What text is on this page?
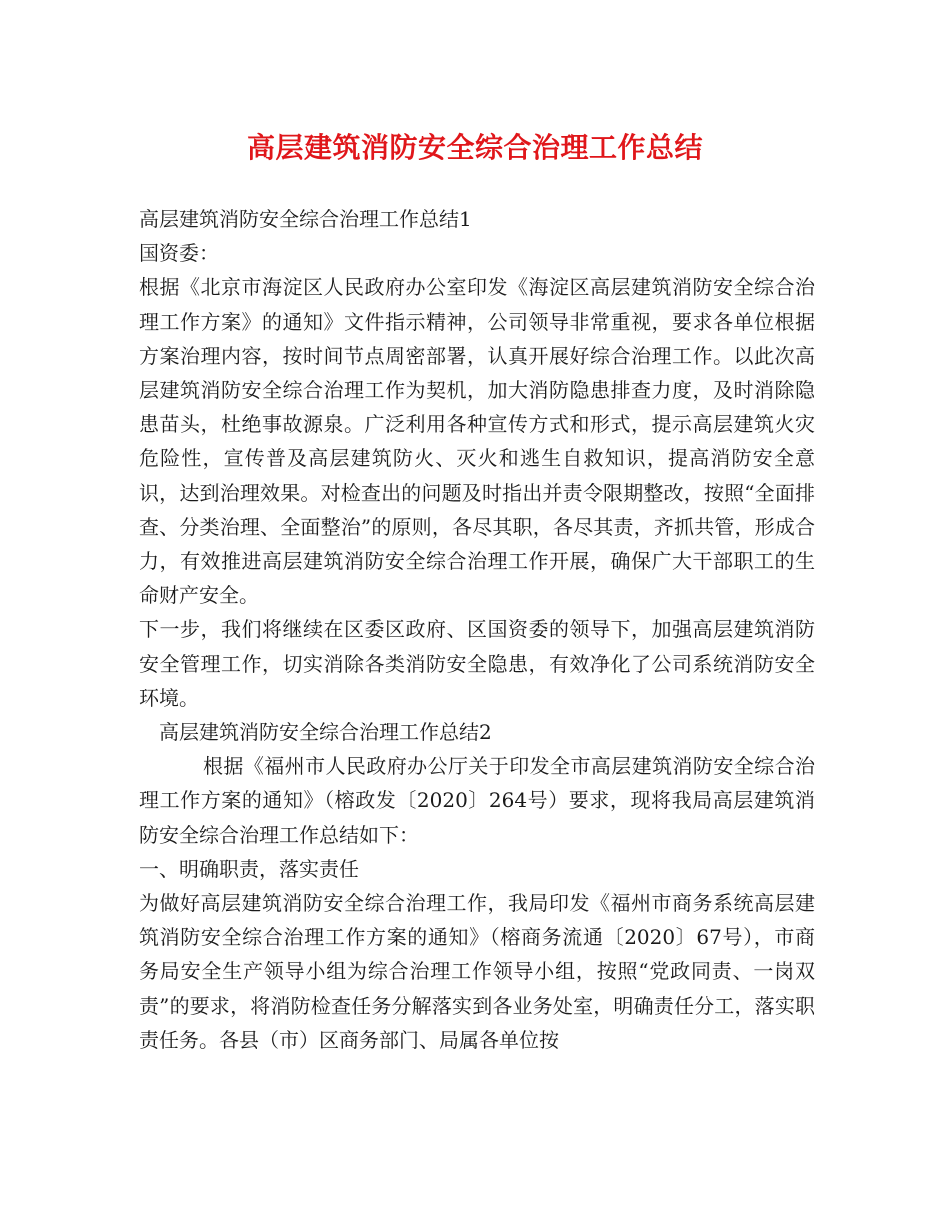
高层建筑消防安全综合治理工作总结

高层建筑消防安全综合治理工作总结1

国资委：

根据《北京市海淀区人民政府办公室印发《海淀区高层建筑消防安全综合治理工作方案》的通知》文件指示精神，公司领导非常重视，要求各单位根据方案治理内容，按时间节点周密部署，认真开展好综合治理工作。以此次高层建筑消防安全综合治理工作为契机，加大消防隐患排查力度，及时消除隐患苗头，杜绝事故源泉。广泛利用各种宣传方式和形式，提示高层建筑火灾危险性，宣传普及高层建筑防火、灭火和逃生自救知识，提高消防安全意识，达到治理效果。对检查出的问题及时指出并责令限期整改，按照“全面排查、分类治理、全面整治”的原则，各尽其职，各尽其责，齐抓共管，形成合力，有效推进高层建筑消防安全综合治理工作开展，确保广大干部职工的生命财产安全。

下一步，我们将继续在区委区政府、区国资委的领导下，加强高层建筑消防安全管理工作，切实消除各类消防安全隐患，有效净化了公司系统消防安全环境。

高层建筑消防安全综合治理工作总结2

根据《福州市人民政府办公厅关于印发全市高层建筑消防安全综合治理工作方案的通知》（榕政发〔2020〕264号）要求，现将我局高层建筑消防安全综合治理工作总结如下：

一、明确职责，落实责任

为做好高层建筑消防安全综合治理工作，我局印发《福州市商务系统高层建筑消防安全综合治理工作方案的通知》（榕商务流通〔2020〕67号），市商务局安全生产领导小组为综合治理工作领导小组，按照“党政同责、一岗双责”的要求，将消防检查任务分解落实到各业务处室，明确责任分工，落实职责任务。各县（市）区商务部门、局属各单位按
